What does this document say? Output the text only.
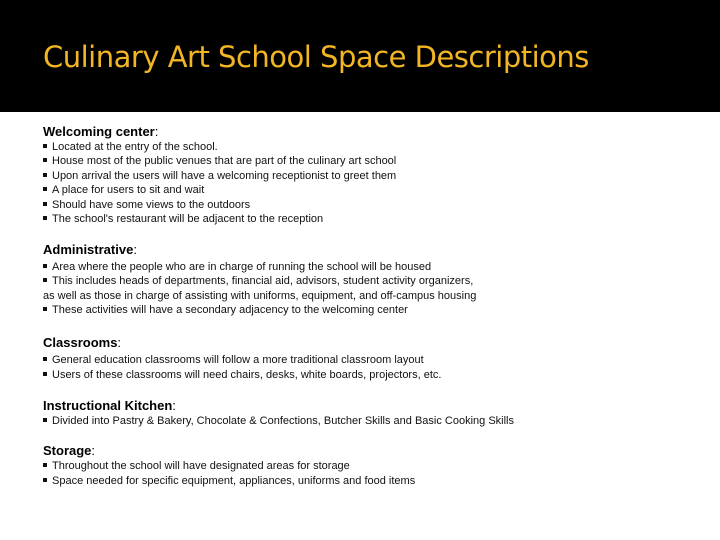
Culinary Art School Space Descriptions
Welcoming center:
Located at the entry of the school.
House most of the public venues that are part of the culinary art school
Upon arrival the users will have a welcoming receptionist to greet them
A place for users to sit and wait
Should have some views to the outdoors
The school's restaurant will be adjacent to the reception
Administrative:
Area where the people who are in charge of running the school will be housed
This includes heads of departments, financial aid, advisors, student activity organizers,
as well as those in charge of assisting with uniforms, equipment, and off-campus housing
These activities will have a secondary adjacency to the welcoming center
Classrooms:
General education classrooms will follow a more traditional classroom layout
Users of these classrooms will need chairs, desks, white boards, projectors, etc.
Instructional Kitchen:
Divided into Pastry & Bakery, Chocolate & Confections, Butcher Skills and Basic Cooking Skills
Storage:
Throughout the school will have designated areas for storage
Space needed for specific equipment, appliances, uniforms and food items
